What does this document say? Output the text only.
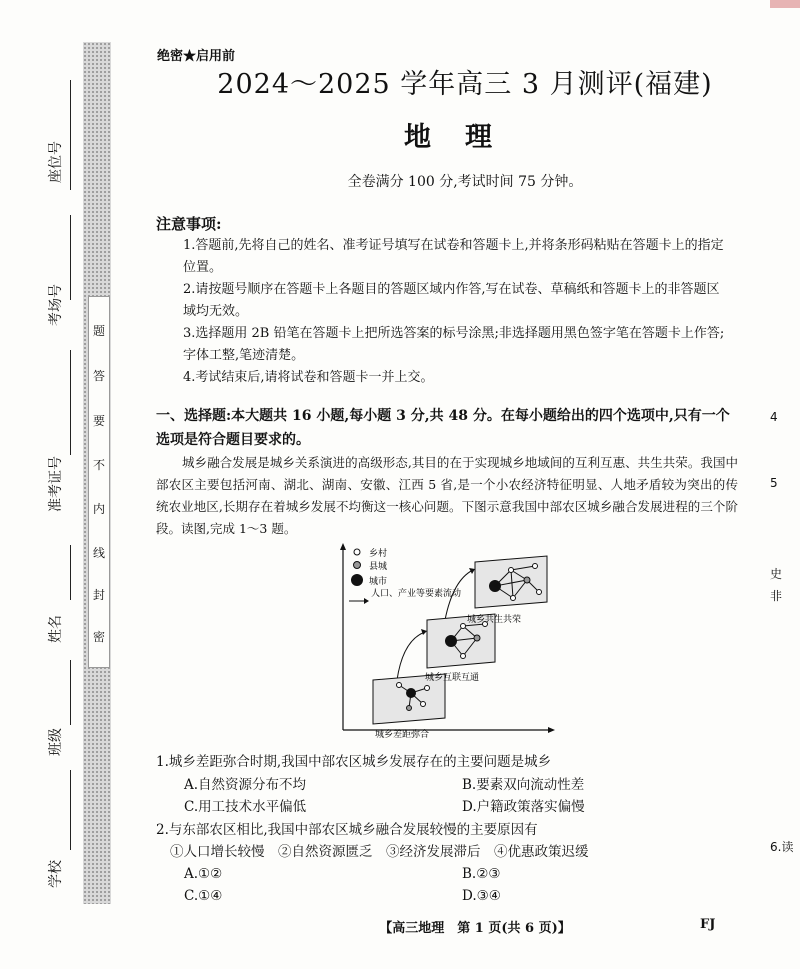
题
答
要
不
内
线
封
密
座位号
考场号
准考证号
姓名
班级
学校
绝密★启用前
2024～2025 学年高三 3 月测评(福建)
地理
全卷满分 100 分,考试时间 75 分钟。
注意事项:
1.答题前,先将自己的姓名、准考证号填写在试卷和答题卡上,并将条形码粘贴在答题卡上的指定位置。
2.请按题号顺序在答题卡上各题目的答题区域内作答,写在试卷、草稿纸和答题卡上的非答题区域均无效。
3.选择题用 2B 铅笔在答题卡上把所选答案的标号涂黑;非选择题用黑色签字笔在答题卡上作答;字体工整,笔迹清楚。
4.考试结束后,请将试卷和答题卡一并上交。
一、选择题:本大题共 16 小题,每小题 3 分,共 48 分。在每小题给出的四个选项中,只有一个选项是符合题目要求的。
城乡融合发展是城乡关系演进的高级形态,其目的在于实现城乡地域间的互利互惠、共生共荣。我国中部农区主要包括河南、湖北、湖南、安徽、江西 5 省,是一个小农经济特征明显、人地矛盾较为突出的传统农业地区,长期存在着城乡发展不均衡这一核心问题。下图示意我国中部农区城乡融合发展进程的三个阶段。读图,完成 1～3 题。
乡村
县城
城市
人口、产业等要素流动
城乡差距弥合
城乡互联互通
城乡共生共荣
1.城乡差距弥合时期,我国中部农区城乡发展存在的主要问题是城乡
A.自然资源分布不均	B.要素双向流动性差
C.用工技术水平偏低	D.户籍政策落实偏慢
2.与东部农区相比,我国中部农区城乡融合发展较慢的主要原因有
①人口增长较慢　②自然资源匮乏　③经济发展滞后　④优惠政策迟缓
A.①②	B.②③
C.①④	D.③④
【高三地理　第 1 页(共 6 页)】	FJ
4
5
史
非
6.读
